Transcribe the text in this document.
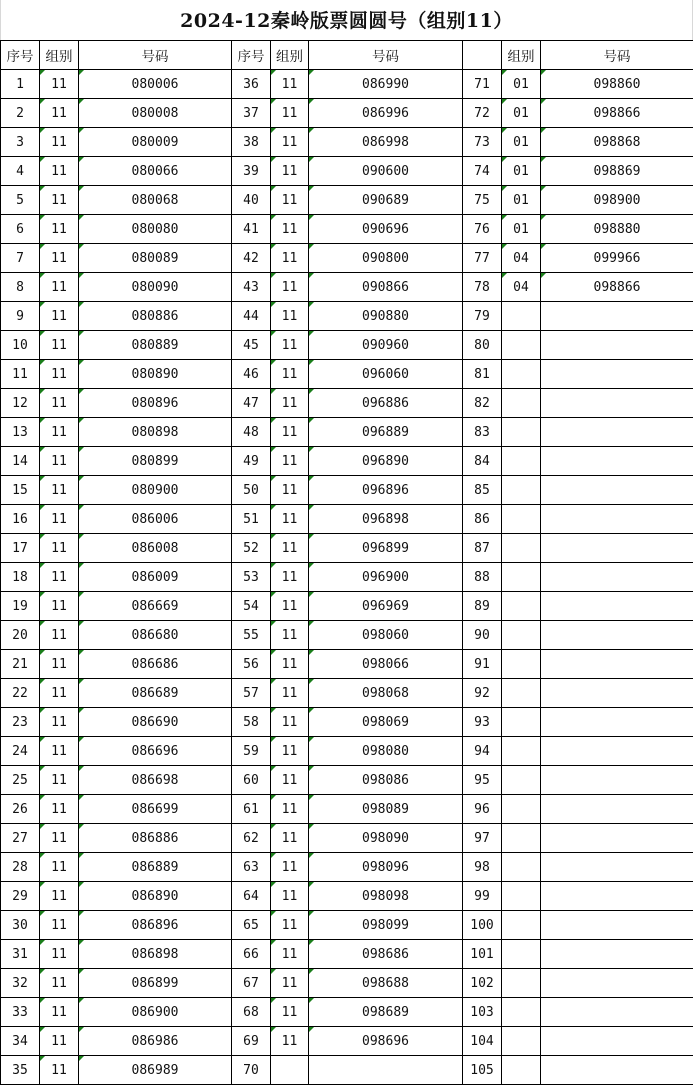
2024-12秦岭版票圆圆号（组别11）
序号	组别	号码	序号	组别	号码		组别	号码
1	11	080006	36	11	086990	71	01	098860
2	11	080008	37	11	086996	72	01	098866
3	11	080009	38	11	086998	73	01	098868
4	11	080066	39	11	090600	74	01	098869
5	11	080068	40	11	090689	75	01	098900
6	11	080080	41	11	090696	76	01	098880
7	11	080089	42	11	090800	77	04	099966
8	11	080090	43	11	090866	78	04	098866
9	11	080886	44	11	090880	79		
10	11	080889	45	11	090960	80		
11	11	080890	46	11	096060	81		
12	11	080896	47	11	096886	82		
13	11	080898	48	11	096889	83		
14	11	080899	49	11	096890	84		
15	11	080900	50	11	096896	85		
16	11	086006	51	11	096898	86		
17	11	086008	52	11	096899	87		
18	11	086009	53	11	096900	88		
19	11	086669	54	11	096969	89		
20	11	086680	55	11	098060	90		
21	11	086686	56	11	098066	91		
22	11	086689	57	11	098068	92		
23	11	086690	58	11	098069	93		
24	11	086696	59	11	098080	94		
25	11	086698	60	11	098086	95		
26	11	086699	61	11	098089	96		
27	11	086886	62	11	098090	97		
28	11	086889	63	11	098096	98		
29	11	086890	64	11	098098	99		
30	11	086896	65	11	098099	100		
31	11	086898	66	11	098686	101		
32	11	086899	67	11	098688	102		
33	11	086900	68	11	098689	103		
34	11	086986	69	11	098696	104		
35	11	086989	70			105		
